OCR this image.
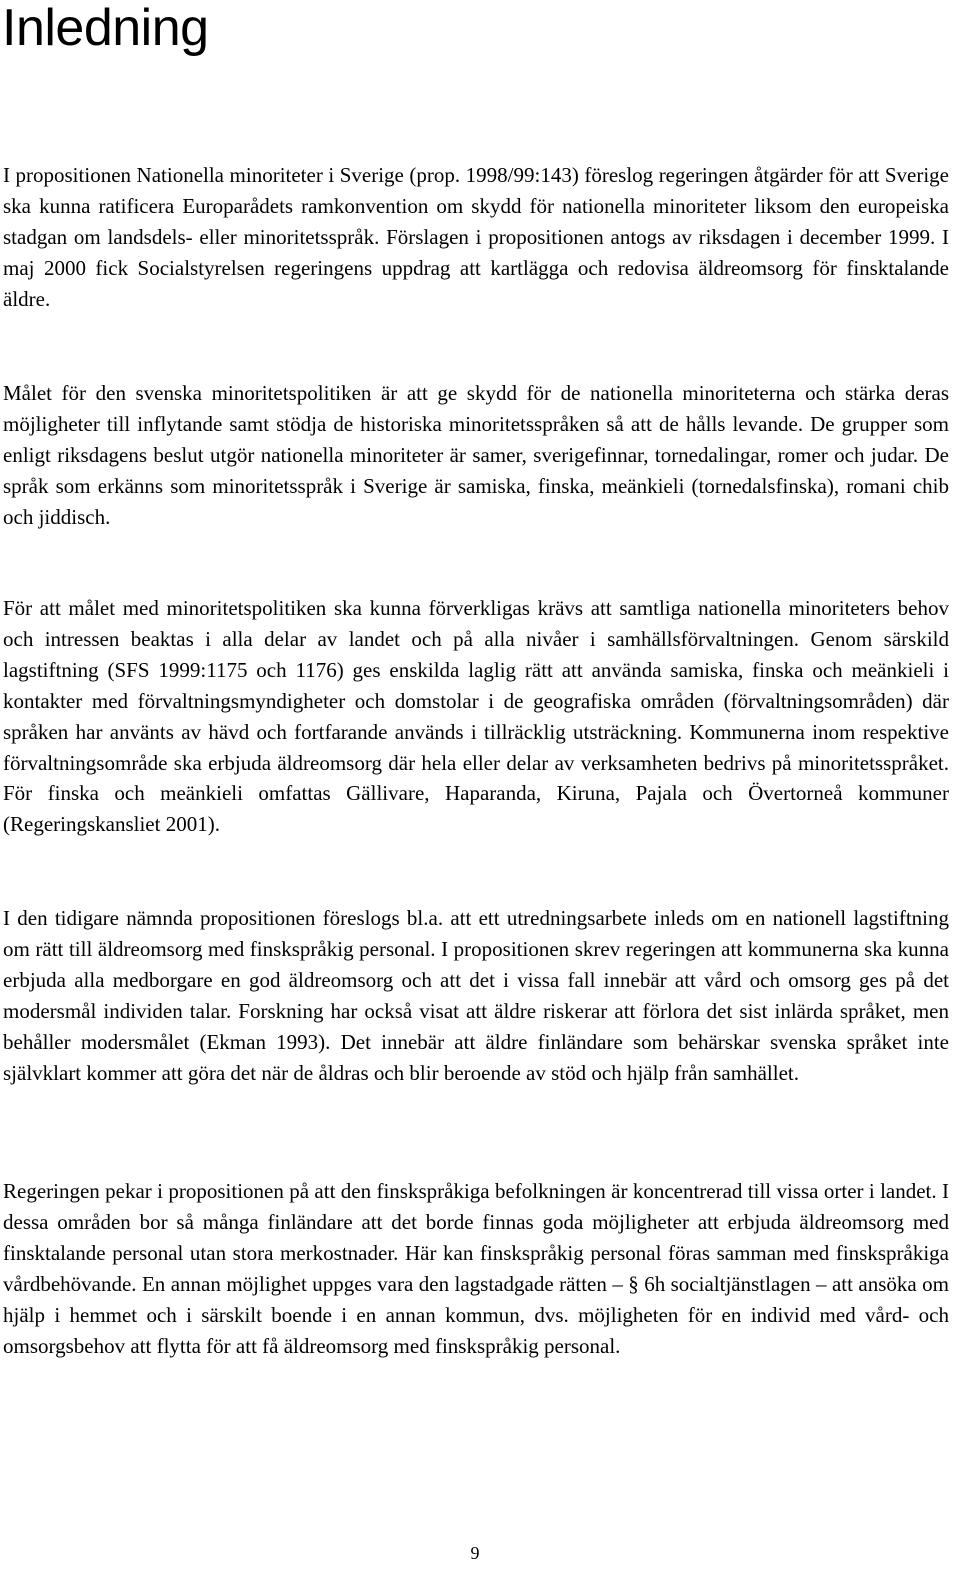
Inledning

I propositionen Nationella minoriteter i Sverige (prop. 1998/99:143) föreslog regeringen åtgärder för att Sverige ska kunna ratificera Europarådets ramkonvention om skydd för nationella minoriteter liksom den europeiska stadgan om landsdels- eller minoritetsspråk. Förslagen i propositionen antogs av riksdagen i december 1999. I maj 2000 fick Socialstyrelsen regeringens uppdrag att kartlägga och redovisa äldreomsorg för finsktalande äldre.

Målet för den svenska minoritetspolitiken är att ge skydd för de nationella minoriteterna och stärka deras möjligheter till inflytande samt stödja de historiska minoritetsspråken så att de hålls levande. De grupper som enligt riksdagens beslut utgör nationella minoriteter är samer, sverigefinnar, tornedalingar, romer och judar. De språk som erkänns som minoritetsspråk i Sverige är samiska, finska, meänkieli (tornedalsfinska), romani chib och jiddisch.

För att målet med minoritetspolitiken ska kunna förverkligas krävs att samtliga nationella minoriteters behov och intressen beaktas i alla delar av landet och på alla nivåer i samhällsförvaltningen. Genom särskild lagstiftning (SFS 1999:1175 och 1176) ges enskilda laglig rätt att använda samiska, finska och meänkieli i kontakter med förvaltningsmyndigheter och domstolar i de geografiska områden (förvaltningsområden) där språken har använts av hävd och fortfarande används i tillräcklig utsträckning. Kommunerna inom respektive förvaltningsområde ska erbjuda äldreomsorg där hela eller delar av verksamheten bedrivs på minoritetsspråket. För finska och meänkieli omfattas Gällivare, Haparanda, Kiruna, Pajala och Övertorneå kommuner (Regeringskansliet 2001).

I den tidigare nämnda propositionen föreslogs bl.a. att ett utredningsarbete inleds om en nationell lagstiftning om rätt till äldreomsorg med finskspråkig personal. I propositionen skrev regeringen att kommunerna ska kunna erbjuda alla medborgare en god äldreomsorg och att det i vissa fall innebär att vård och omsorg ges på det modersmål individen talar. Forskning har också visat att äldre riskerar att förlora det sist inlärda språket, men behåller modersmålet (Ekman 1993). Det innebär att äldre finländare som behärskar svenska språket inte självklart kommer att göra det när de åldras och blir beroende av stöd och hjälp från samhället.

Regeringen pekar i propositionen på att den finskspråkiga befolkningen är koncentrerad till vissa orter i landet. I dessa områden bor så många finländare att det borde finnas goda möjligheter att erbjuda äldreomsorg med finsktalande personal utan stora merkostnader. Här kan finskspråkig personal föras samman med finskspråkiga vårdbehövande. En annan möjlighet uppges vara den lagstadgade rätten – § 6h socialtjänstlagen – att ansöka om hjälp i hemmet och i särskilt boende i en annan kommun, dvs. möjligheten för en individ med vård- och omsorgsbehov att flytta för att få äldreomsorg med finskspråkig personal.

9
